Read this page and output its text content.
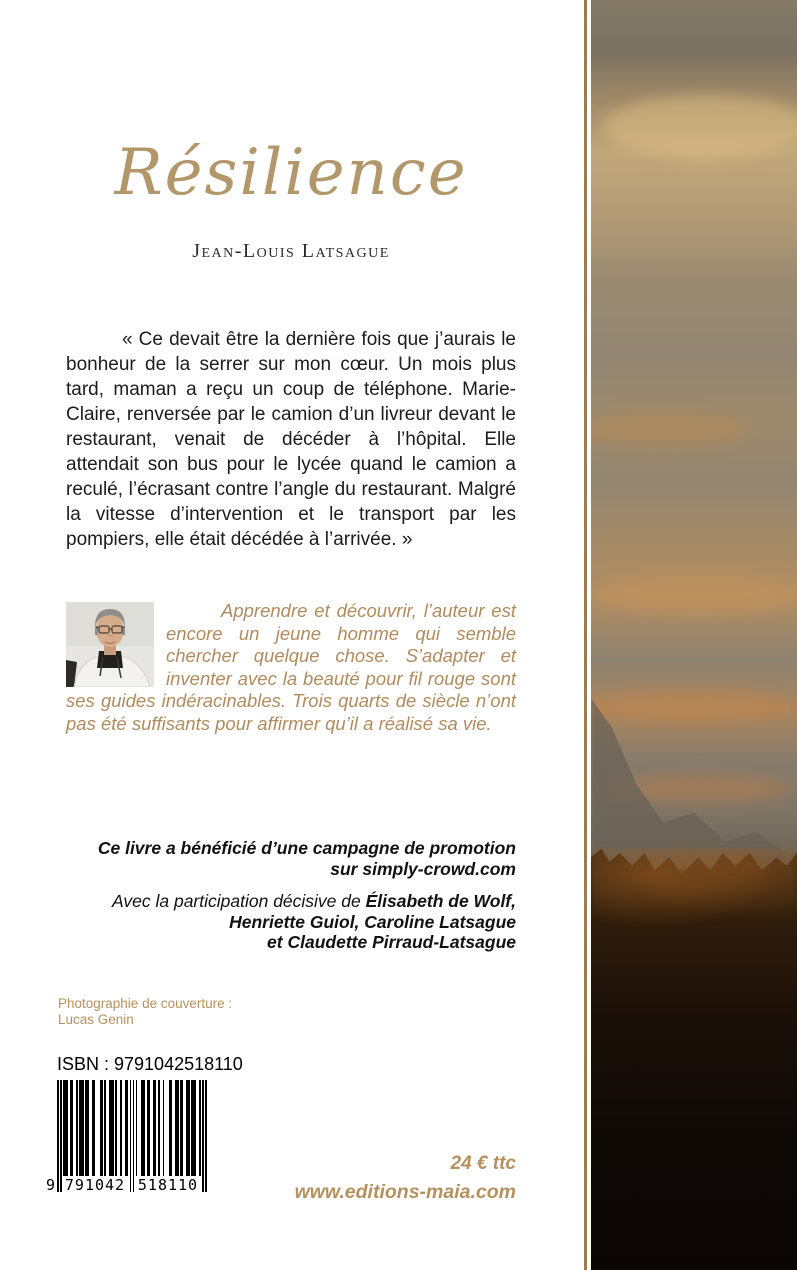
Résilience
Jean-Louis Latsague

« Ce devait être la dernière fois que j’aurais le bonheur de la serrer sur mon cœur. Un mois plus tard, maman a reçu un coup de téléphone. Marie-Claire, renversée par le camion d’un livreur devant le restaurant, venait de décéder à l’hôpital. Elle attendait son bus pour le lycée quand le camion a reculé, l’écrasant contre l’angle du restaurant. Malgré la vitesse d’intervention et le transport par les pompiers, elle était décédée à l’arrivée. »

Apprendre et découvrir, l’auteur est encore un jeune homme qui semble chercher quelque chose. S’adapter et inventer avec la beauté pour fil rouge sont ses guides indéracinables. Trois quarts de siècle n’ont pas été suffisants pour affirmer qu’il a réalisé sa vie.

Ce livre a bénéficié d’une campagne de promotion
sur simply-crowd.com
Avec la participation décisive de Élisabeth de Wolf,
Henriette Guiol, Caroline Latsague
et Claudette Pirraud-Latsague
Photographie de couverture :
Lucas Genin
ISBN : 9791042518110
9 791042 518110
24 € ttc
www.editions-maia.com
